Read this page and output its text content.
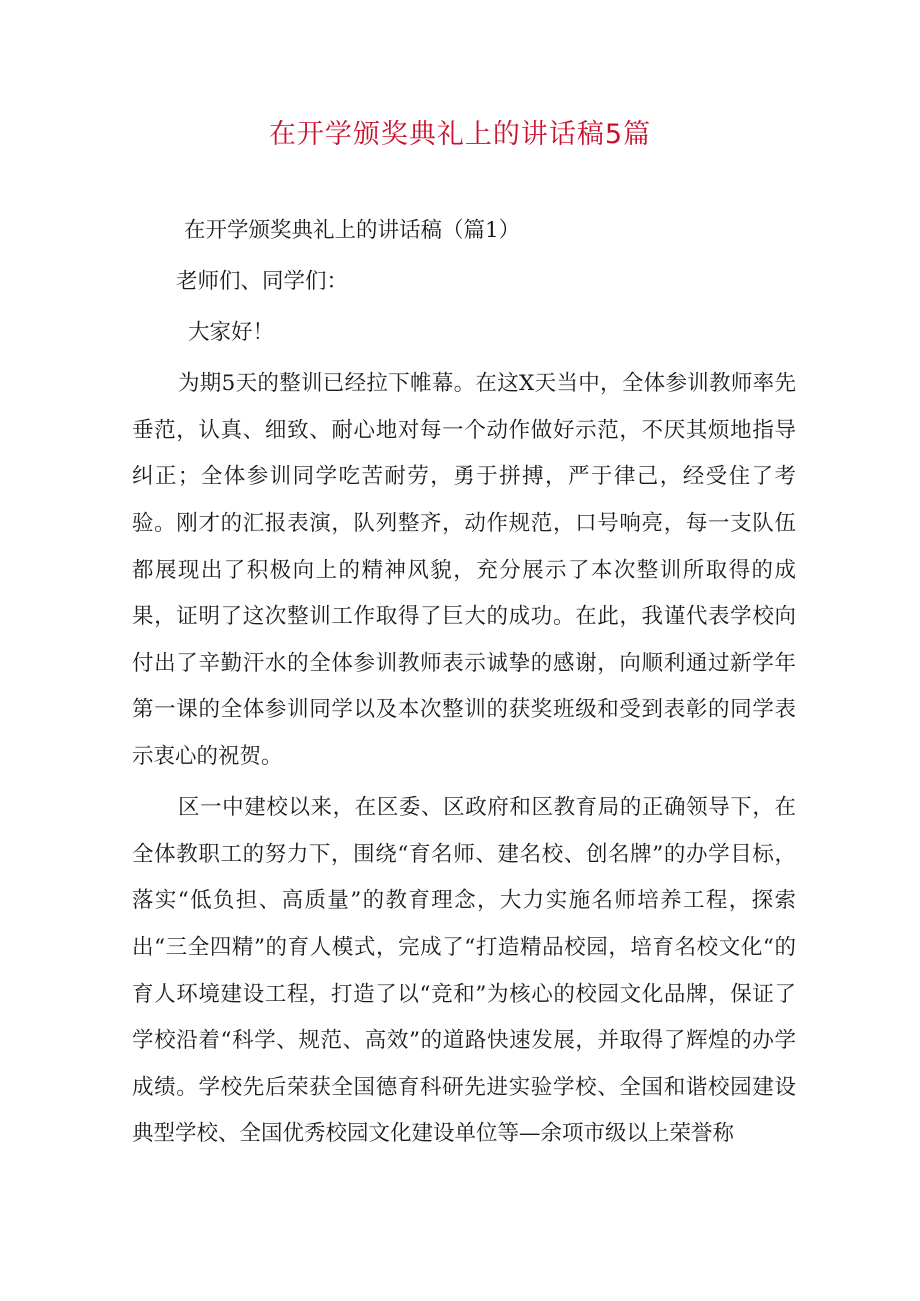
在开学颁奖典礼上的讲话稿5篇

在开学颁奖典礼上的讲话稿（篇1）

老师们、同学们：

大家好！

为期5天的整训已经拉下帷幕。在这X天当中，全体参训教师率先垂范，认真、细致、耐心地对每一个动作做好示范，不厌其烦地指导纠正；全体参训同学吃苦耐劳，勇于拼搏，严于律己，经受住了考验。刚才的汇报表演，队列整齐，动作规范，口号响亮，每一支队伍都展现出了积极向上的精神风貌，充分展示了本次整训所取得的成果，证明了这次整训工作取得了巨大的成功。在此，我谨代表学校向付出了辛勤汗水的全体参训教师表示诚挚的感谢，向顺利通过新学年第一课的全体参训同学以及本次整训的获奖班级和受到表彰的同学表示衷心的祝贺。

区一中建校以来，在区委、区政府和区教育局的正确领导下，在全体教职工的努力下，围绕“育名师、建名校、创名牌”的办学目标，落实“低负担、高质量”的教育理念，大力实施名师培养工程，探索出“三全四精”的育人模式，完成了“打造精品校园，培育名校文化“的育人环境建设工程，打造了以“竞和”为核心的校园文化品牌，保证了学校沿着“科学、规范、高效”的道路快速发展，并取得了辉煌的办学成绩。学校先后荣获全国德育科研先进实验学校、全国和谐校园建设典型学校、全国优秀校园文化建设单位等—余项市级以上荣誉称
